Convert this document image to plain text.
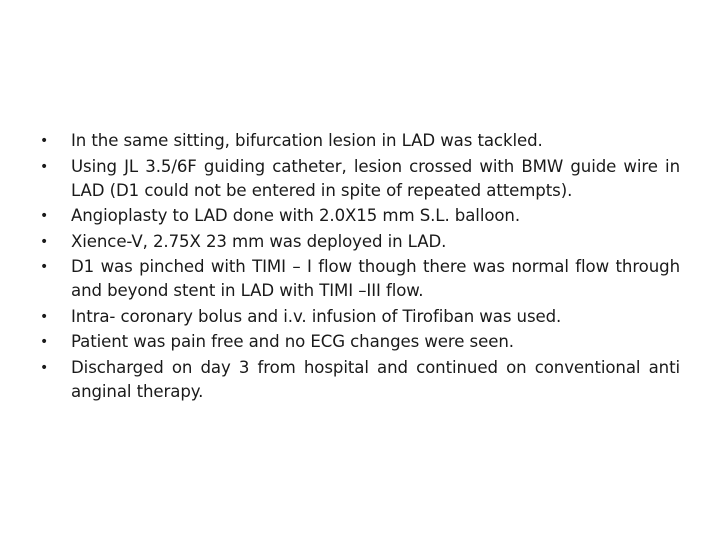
• In the same sitting, bifurcation lesion in LAD was tackled.
• Using JL 3.5/6F guiding catheter, lesion crossed with BMW guide wire in LAD (D1 could not be entered in spite of repeated attempts).
• Angioplasty to LAD done with 2.0X15 mm S.L. balloon.
• Xience-V, 2.75X 23 mm was deployed in LAD.
• D1 was pinched with TIMI – I flow though there was normal flow through and beyond stent in LAD with TIMI –III flow.
• Intra- coronary bolus and i.v. infusion of Tirofiban was used.
• Patient was pain free and no ECG changes were seen.
• Discharged on day 3 from hospital and continued on conventional anti anginal therapy.
